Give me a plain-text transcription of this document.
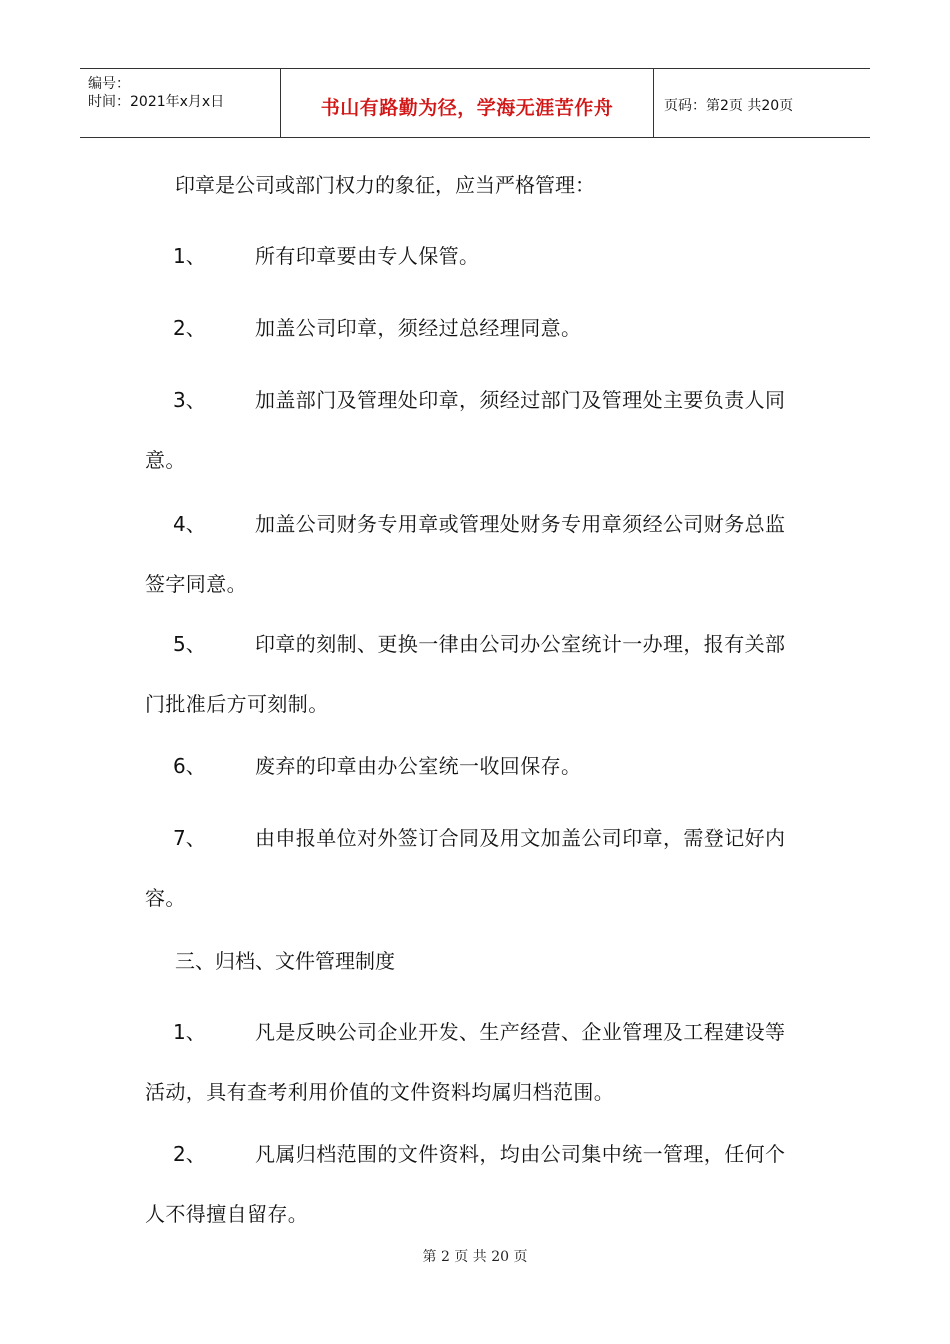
编号：
时间：2021年x月x日	书山有路勤为径，学海无涯苦作舟	页码：第2页 共20页

印章是公司或部门权力的象征，应当严格管理：

1、	所有印章要由专人保管。
2、	加盖公司印章，须经过总经理同意。
3、	加盖部门及管理处印章，须经过部门及管理处主要负责人同意。
4、	加盖公司财务专用章或管理处财务专用章须经公司财务总监签字同意。
5、	印章的刻制、更换一律由公司办公室统计一办理，报有关部门批准后方可刻制。
6、	废弃的印章由办公室统一收回保存。
7、	由申报单位对外签订合同及用文加盖公司印章，需登记好内容。

三、归档、文件管理制度

1、	凡是反映公司企业开发、生产经营、企业管理及工程建设等活动，具有查考利用价值的文件资料均属归档范围。
2、	凡属归档范围的文件资料，均由公司集中统一管理，任何个人不得擅自留存。
第 2 页 共 20 页
